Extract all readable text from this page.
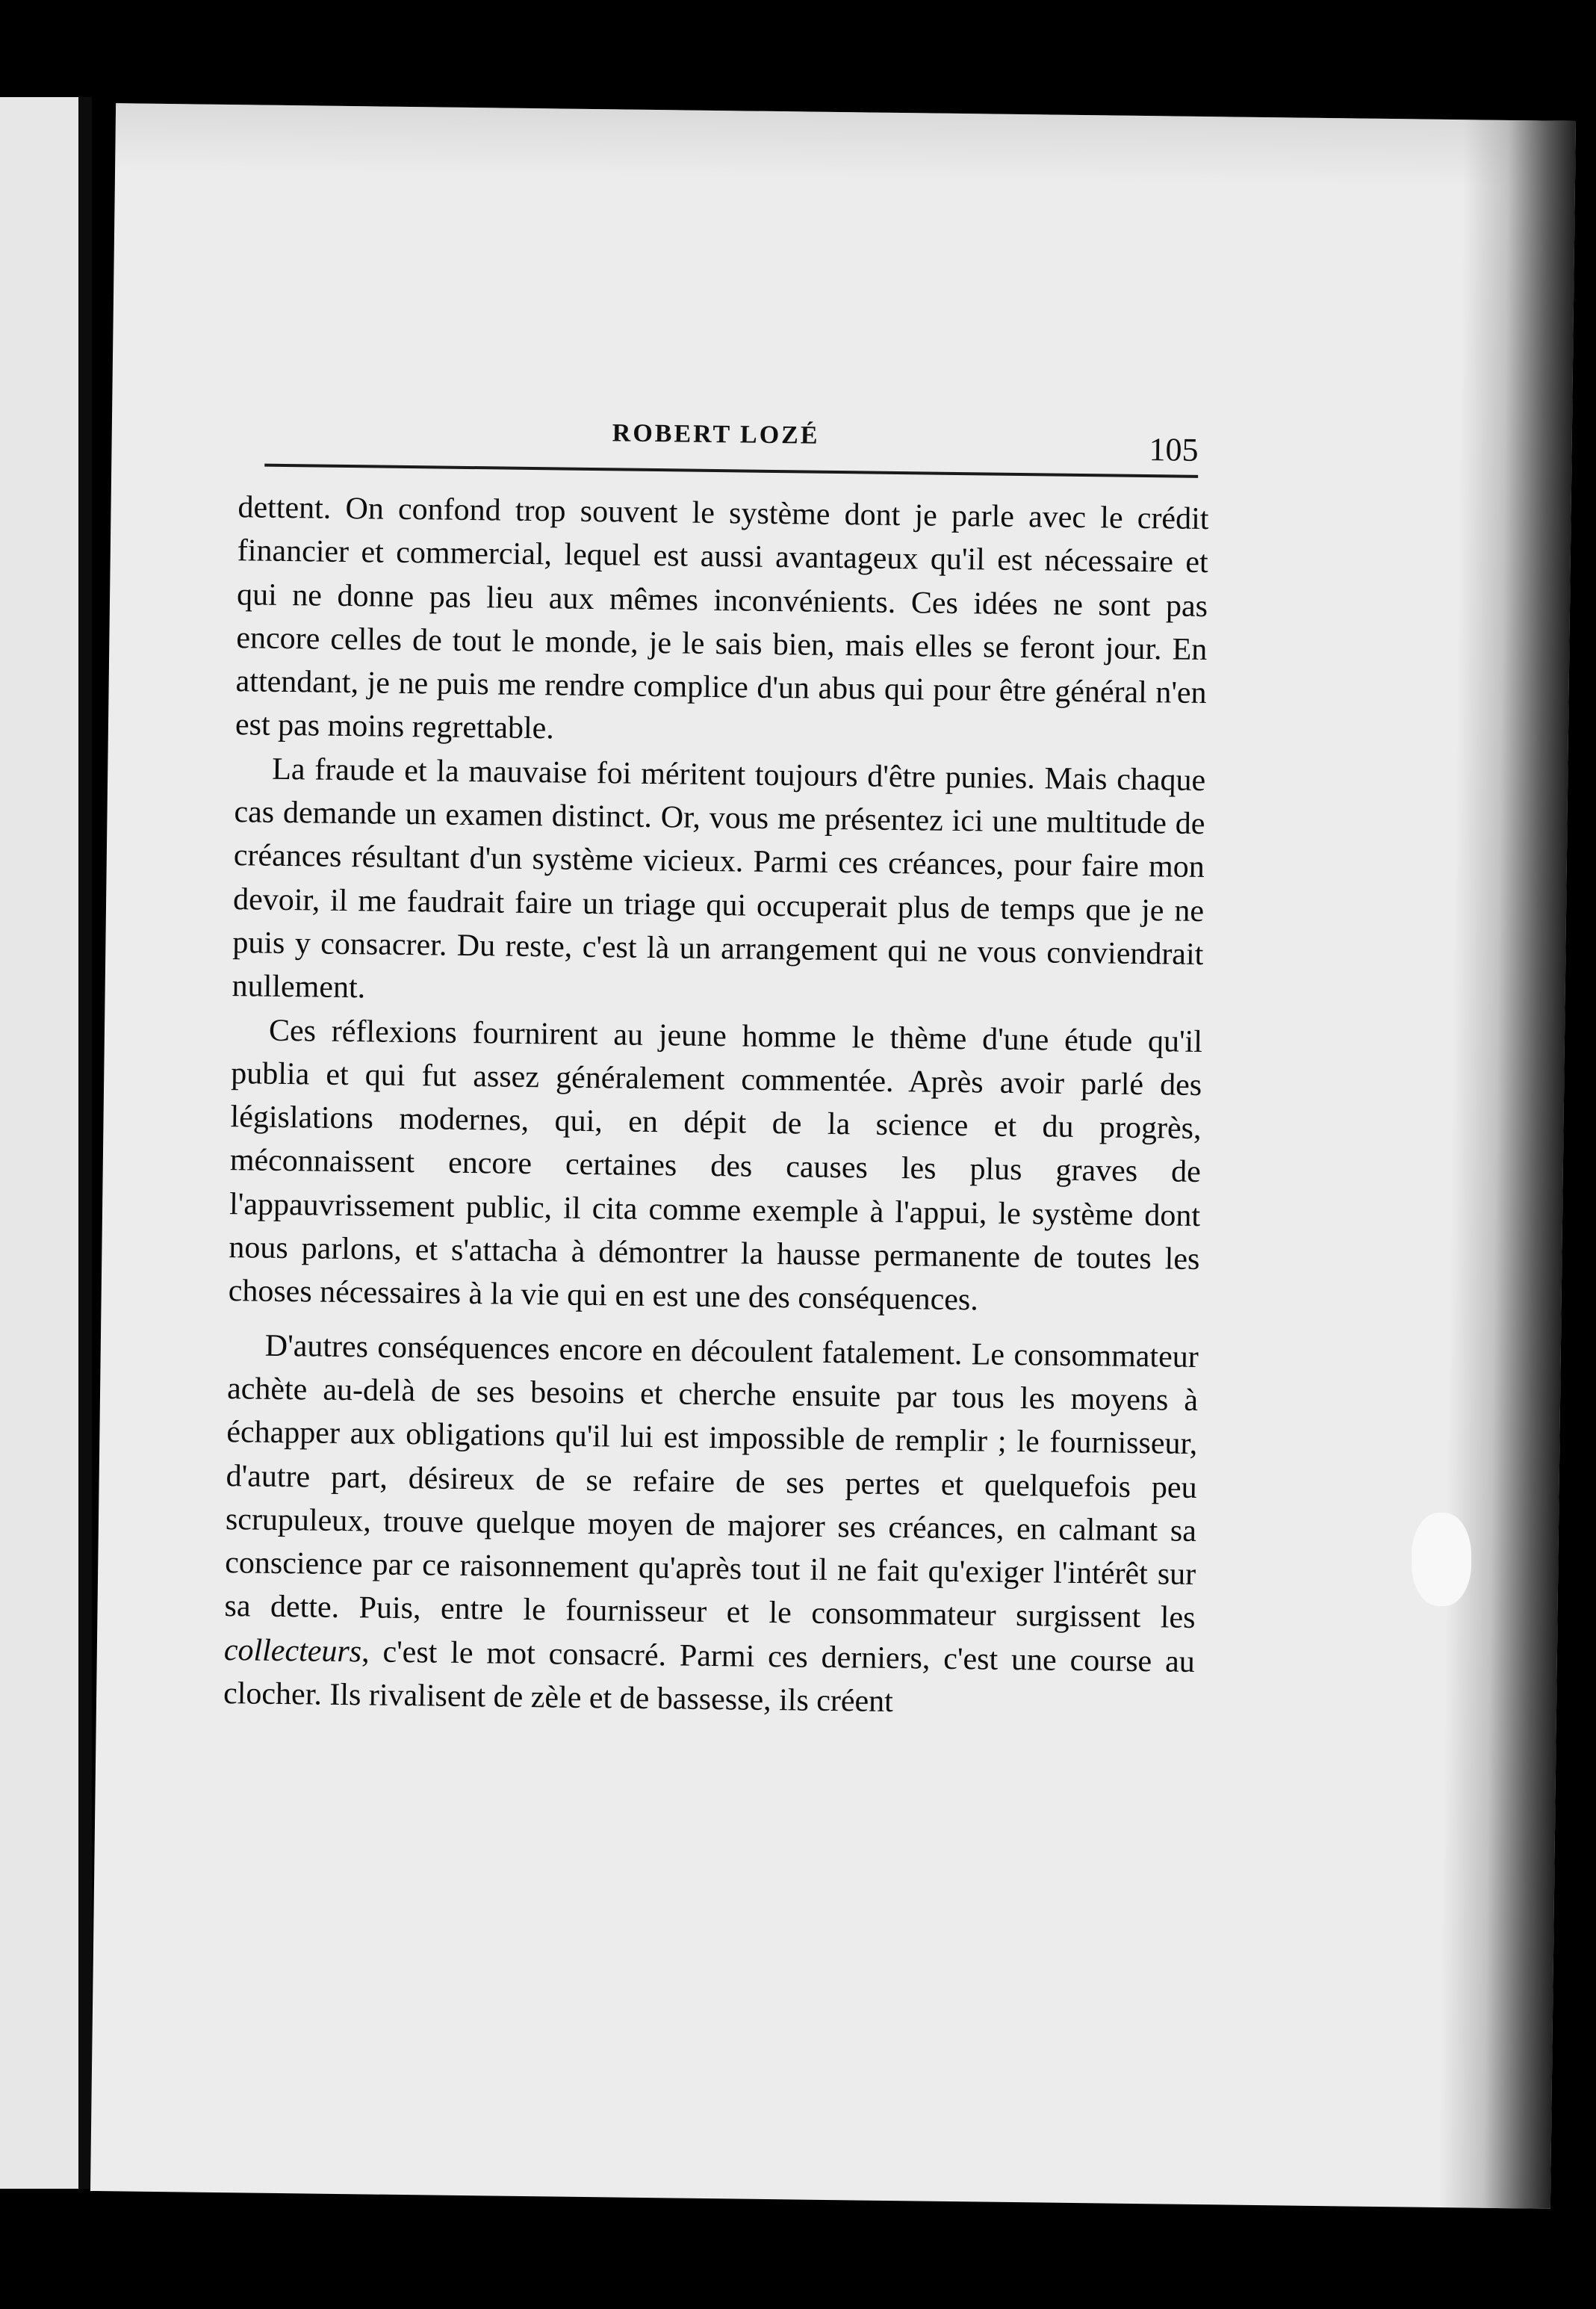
ROBERT LOZÉ	105

dettent. On confond trop souvent le système dont je parle avec le crédit financier et commercial, lequel est aussi avantageux qu'il est nécessaire et qui ne donne pas lieu aux mêmes inconvénients. Ces idées ne sont pas encore celles de tout le monde, je le sais bien, mais elles se feront jour. En attendant, je ne puis me rendre complice d'un abus qui pour être général n'en est pas moins regrettable.

La fraude et la mauvaise foi méritent toujours d'être punies. Mais chaque cas demande un examen distinct. Or, vous me présentez ici une multitude de créances résultant d'un système vicieux. Parmi ces créances, pour faire mon devoir, il me faudrait faire un triage qui occuperait plus de temps que je ne puis y consacrer. Du reste, c'est là un arrangement qui ne vous conviendrait nullement.

Ces réflexions fournirent au jeune homme le thème d'une étude qu'il publia et qui fut assez généralement commentée. Après avoir parlé des législations modernes, qui, en dépit de la science et du progrès, méconnaissent encore certaines des causes les plus graves de l'appauvrissement public, il cita comme exemple à l'appui, le système dont nous parlons, et s'attacha à démontrer la hausse permanente de toutes les choses nécessaires à la vie qui en est une des conséquences.

D'autres conséquences encore en découlent fatalement. Le consommateur achète au-delà de ses besoins et cherche ensuite par tous les moyens à échapper aux obligations qu'il lui est impossible de remplir ; le fournisseur, d'autre part, désireux de se refaire de ses pertes et quelquefois peu scrupuleux, trouve quelque moyen de majorer ses créances, en calmant sa conscience par ce raisonnement qu'après tout il ne fait qu'exiger l'intérêt sur sa dette. Puis, entre le fournisseur et le consommateur surgissent les collecteurs, c'est le mot consacré. Parmi ces derniers, c'est une course au clocher. Ils rivalisent de zèle et de bassesse, ils créent
